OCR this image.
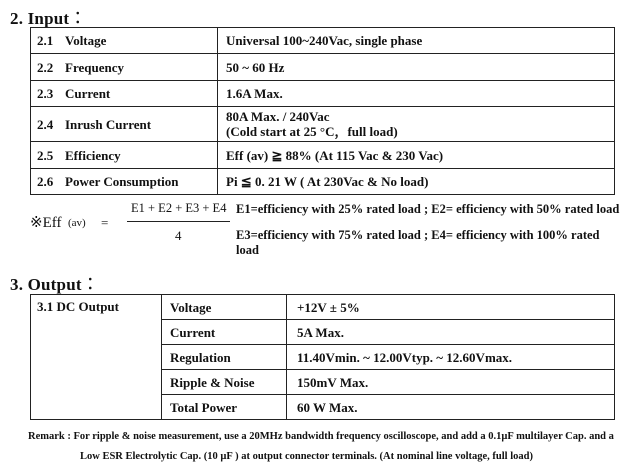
2. Input︰
2.1	Voltage	Universal 100~240Vac, single phase
2.2	Frequency	50 ~ 60 Hz
2.3	Current	1.6A Max.
2.4	Inrush Current	80A Max. / 240Vac
(Cold start at 25 °C，full load)

2.5	Efficiency	Eff (av) ≧ 88% (At 115 Vac & 230 Vac)
2.6	Power Consumption	Pi ≦ 0. 21 W ( At 230Vac & No load)
※Eff (av) =
E1 + E2 + E3 + E4
4
E1=efficiency with 25% rated load ; E2= efficiency with 50% rated load
E3=efficiency with 75% rated load ; E4= efficiency with 100% rated load
3. Output︰
3.1 DC Output	Voltage	+12V ± 5%
	Current	5A Max.
	Regulation	11.40Vmin. ~ 12.00Vtyp. ~ 12.60Vmax.
	Ripple & Noise	150mV Max.
	Total Power	60 W Max.
Remark : For ripple & noise measurement, use a 20MHz bandwidth frequency oscilloscope, and add a 0.1µF multilayer Cap. and a
Low ESR Electrolytic Cap. (10 µF ) at output connector terminals. (At nominal line voltage, full load)
